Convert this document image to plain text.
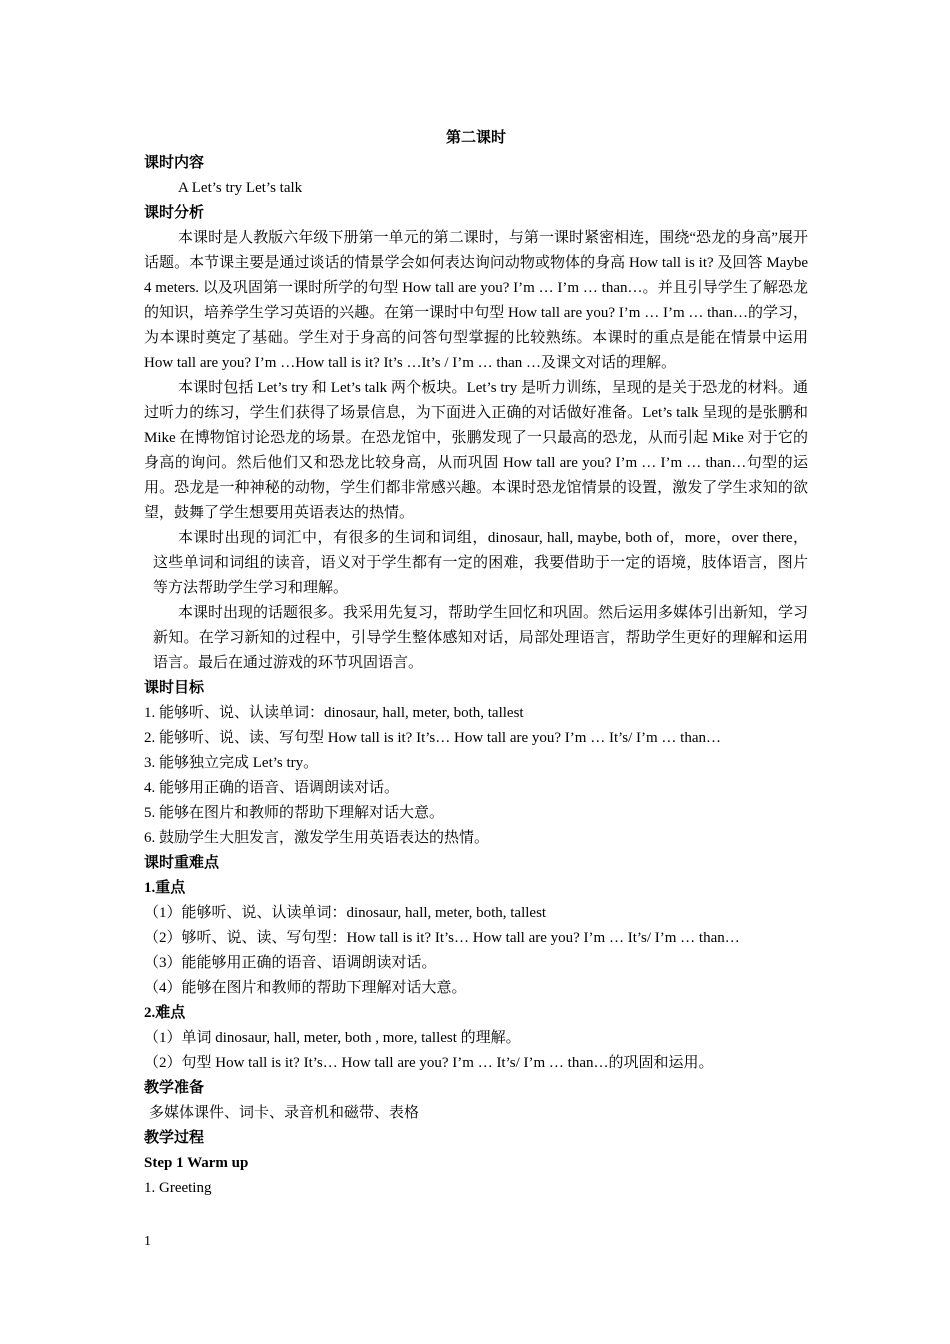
第二课时

课时内容

A Let’s try Let’s talk

课时分析

本课时是人教版六年级下册第一单元的第二课时，与第一课时紧密相连，围绕“恐龙的身高”展开话题。本节课主要是通过谈话的情景学会如何表达询问动物或物体的身高 How tall is it? 及回答 Maybe 4 meters. 以及巩固第一课时所学的句型 How tall are you? I’m … I’m … than…。并且引导学生了解恐龙的知识，培养学生学习英语的兴趣。在第一课时中句型 How tall are you? I’m … I’m … than…的学习，为本课时奠定了基础。学生对于身高的问答句型掌握的比较熟练。本课时的重点是能在情景中运用 How tall are you? I’m …How tall is it? It’s …It’s / I’m … than …及课文对话的理解。

本课时包括 Let’s try 和 Let’s talk 两个板块。Let’s try 是听力训练，呈现的是关于恐龙的材料。通过听力的练习，学生们获得了场景信息，为下面进入正确的对话做好准备。Let’s talk 呈现的是张鹏和 Mike 在博物馆讨论恐龙的场景。在恐龙馆中，张鹏发现了一只最高的恐龙，从而引起 Mike 对于它的身高的询问。然后他们又和恐龙比较身高，从而巩固 How tall are you? I’m … I’m … than…句型的运用。恐龙是一种神秘的动物，学生们都非常感兴趣。本课时恐龙馆情景的设置，激发了学生求知的欲望，鼓舞了学生想要用英语表达的热情。

本课时出现的词汇中，有很多的生词和词组，dinosaur, hall, maybe, both of，more，over there，这些单词和词组的读音，语义对于学生都有一定的困难，我要借助于一定的语境，肢体语言，图片等方法帮助学生学习和理解。

本课时出现的话题很多。我采用先复习，帮助学生回忆和巩固。然后运用多媒体引出新知，学习新知。在学习新知的过程中，引导学生整体感知对话，局部处理语言，帮助学生更好的理解和运用语言。最后在通过游戏的环节巩固语言。

课时目标

1. 能够听、说、认读单词：dinosaur, hall, meter, both, tallest

2. 能够听、说、读、写句型 How tall is it? It’s… How tall are you? I’m … It’s/ I’m … than…

3. 能够独立完成 Let’s try。

4. 能够用正确的语音、语调朗读对话。

5. 能够在图片和教师的帮助下理解对话大意。

6. 鼓励学生大胆发言，激发学生用英语表达的热情。

课时重难点

1.重点

（1）能够听、说、认读单词：dinosaur, hall, meter, both, tallest

（2）够听、说、读、写句型：How tall is it? It’s… How tall are you? I’m … It’s/ I’m … than…

（3）能能够用正确的语音、语调朗读对话。

（4）能够在图片和教师的帮助下理解对话大意。

2.难点

（1）单词 dinosaur, hall, meter, both , more, tallest 的理解。

（2）句型 How tall is it? It’s… How tall are you? I’m … It’s/ I’m … than…的巩固和运用。

教学准备

多媒体课件、词卡、录音机和磁带、表格

教学过程

Step 1 Warm up

1. Greeting

1
